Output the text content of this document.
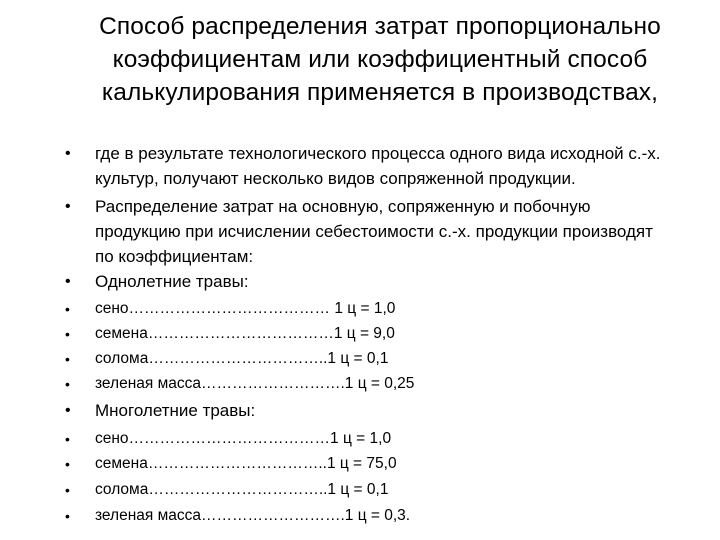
Способ распределения затрат пропорционально
коэффициентам или коэффициентный способ
калькулирования применяется в производствах,
• где в результате технологического процесса одного вида исходной с.-х.
культур, получают несколько видов сопряженной продукции.
• Распределение затрат на основную, сопряженную и побочную
продукцию при исчислении себестоимости с.-х. продукции производят
по коэффициентам:
• Однолетние травы:
• сено………………………………… 1 ц = 1,0
• семена………………………………1 ц = 9,0
• солома……………………………..1 ц = 0,1
• зеленая масса……………………….1 ц = 0,25
• Многолетние травы:
• сено…………………………………1 ц = 1,0
• семена……………………………..1 ц = 75,0
• солома……………………………..1 ц = 0,1
• зеленая масса……………………….1 ц = 0,3.
